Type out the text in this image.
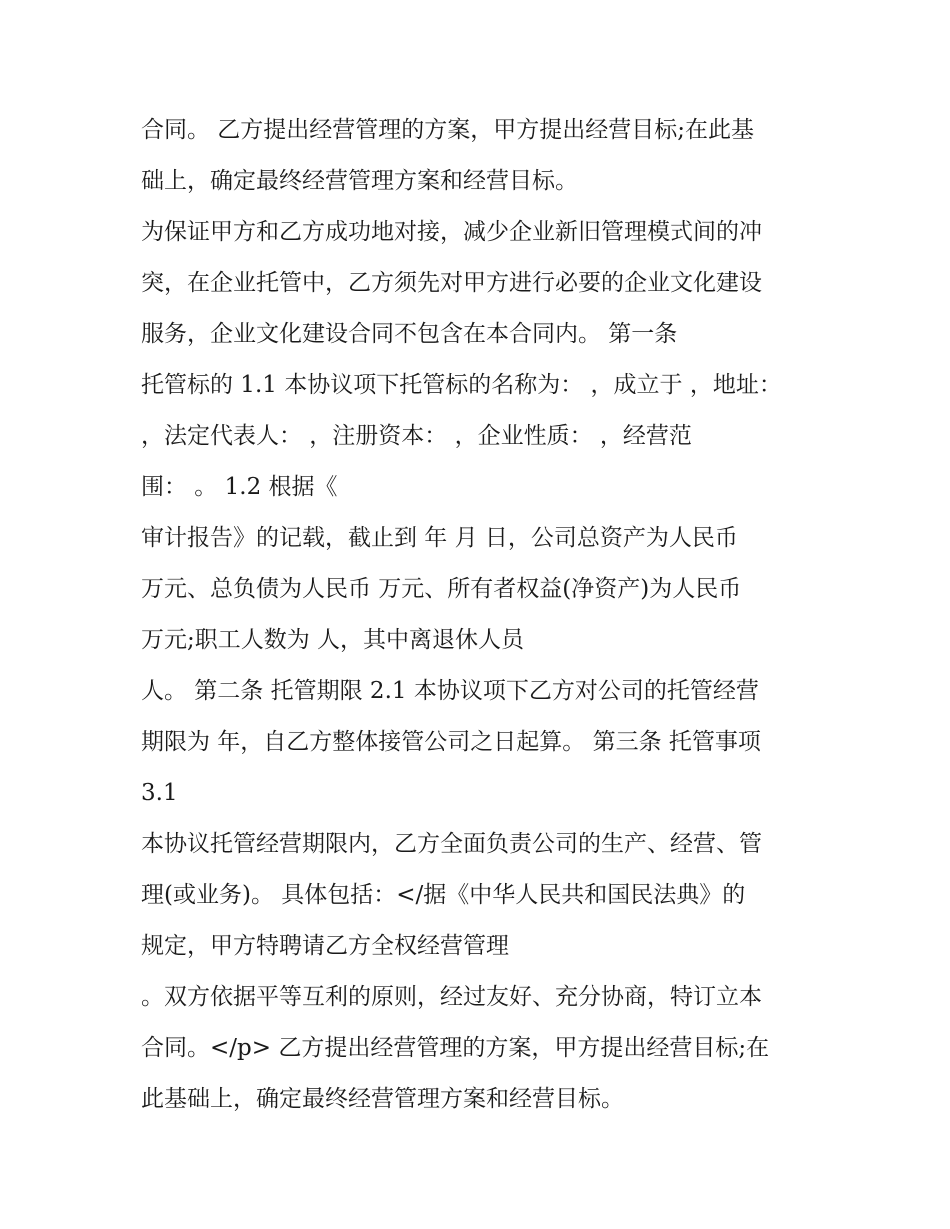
合同。 乙方提出经营管理的方案，甲方提出经营目标;在此基
础上，确定最终经营管理方案和经营目标。
为保证甲方和乙方成功地对接，减少企业新旧管理模式间的冲
突，在企业托管中，乙方须先对甲方进行必要的企业文化建设
服务，企业文化建设合同不包含在本合同内。 第一条
托管标的 1.1 本协议项下托管标的名称为： ，成立于 ，地址：
，法定代表人： ，注册资本： ，企业性质： ，经营范
围： 。 1.2 根据《
审计报告》的记载，截止到 年 月 日，公司总资产为人民币
万元、总负债为人民币 万元、所有者权益(净资产)为人民币
万元;职工人数为 人，其中离退休人员
人。 第二条 托管期限 2.1 本协议项下乙方对公司的托管经营
期限为 年，自乙方整体接管公司之日起算。 第三条 托管事项
3.1
本协议托管经营期限内，乙方全面负责公司的生产、经营、管
理(或业务)。 具体包括：</据《中华人民共和国民法典》的
规定，甲方特聘请乙方全权经营管理
。双方依据平等互利的原则，经过友好、充分协商，特订立本
合同。</p> 乙方提出经营管理的方案，甲方提出经营目标;在
此基础上，确定最终经营管理方案和经营目标。
